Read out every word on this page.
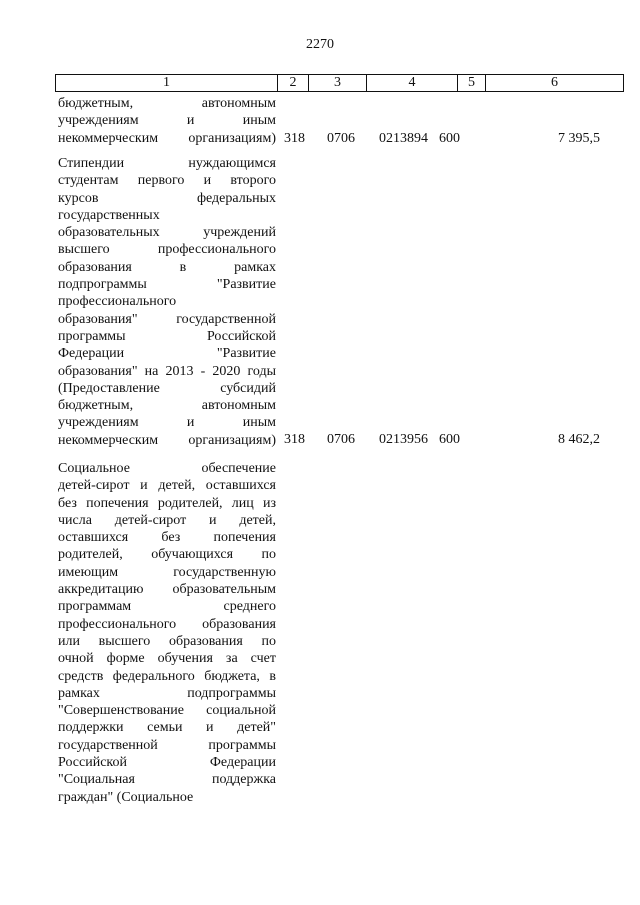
2270
1	2	3	4	5	6
бюджетным, автономным
учреждениям и иным
некоммерческим организациям) 318 0706 0213894 600	7 395,5
Стипендии нуждающимся
студентам первого и второго
курсов федеральных
государственных
образовательных учреждений
высшего профессионального
образования в рамках
подпрограммы "Развитие
профессионального
образования" государственной
программы Российской
Федерации "Развитие
образования" на 2013 - 2020 годы
(Предоставление субсидий
бюджетным, автономным
учреждениям и иным
некоммерческим организациям) 318 0706 0213956 600	8 462,2
Социальное обеспечение
детей-сирот и детей, оставшихся
без попечения родителей, лиц из
числа детей-сирот и детей,
оставшихся без попечения
родителей, обучающихся по
имеющим государственную
аккредитацию образовательным
программам среднего
профессионального образования
или высшего образования по
очной форме обучения за счет
средств федерального бюджета, в
рамках подпрограммы
"Совершенствование социальной
поддержки семьи и детей"
государственной программы
Российской Федерации
"Социальная поддержка
граждан" (Социальное
